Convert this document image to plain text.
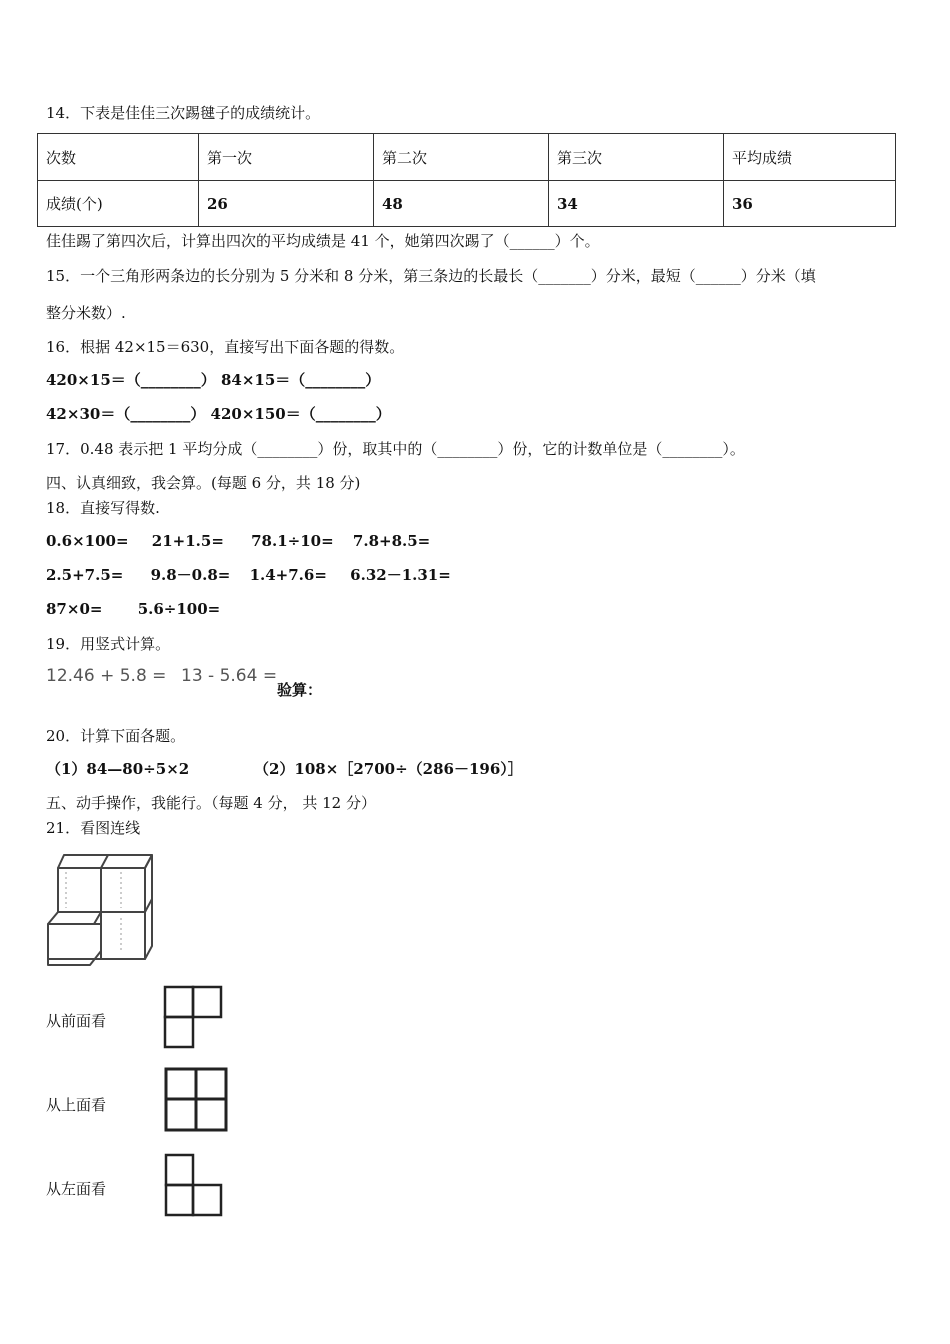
14．下表是佳佳三次踢毽子的成绩统计。
次数	第一次	第二次	第三次	平均成绩
成绩(个)	26	48	34	36
佳佳踢了第四次后，计算出四次的平均成绩是 41 个，她第四次踢了（______）个。
15．一个三角形两条边的长分别为 5 分米和 8 分米，第三条边的长最长（_______）分米，最短（______）分米（填
整分米数）.
16．根据 42×15＝630，直接写出下面各题的得数。
420×15＝（________） 84×15＝（________）
42×30＝（________） 420×150＝（________）
17．0.48 表示把 1 平均分成（________）份，取其中的（________）份，它的计数单位是（________）。
四、认真细致，我会算。(每题 6 分，共 18 分)
18．直接写得数.
0.6×100= 21+1.5= 78.1÷10= 7.8+8.5=
2.5+7.5= 9.8－0.8= 1.4+7.6= 6.32－1.31=
87×0= 5.6÷100=
19．用竖式计算。
12.46 + 5.8 = 13 - 5.64 =
验算：
20．计算下面各题。
（1）84—80÷5×2	（2）108×［2700÷（286－196）］
五、动手操作，我能行。（每题 4 分， 共 12 分）
21．看图连线
从前面看
从上面看
从左面看
